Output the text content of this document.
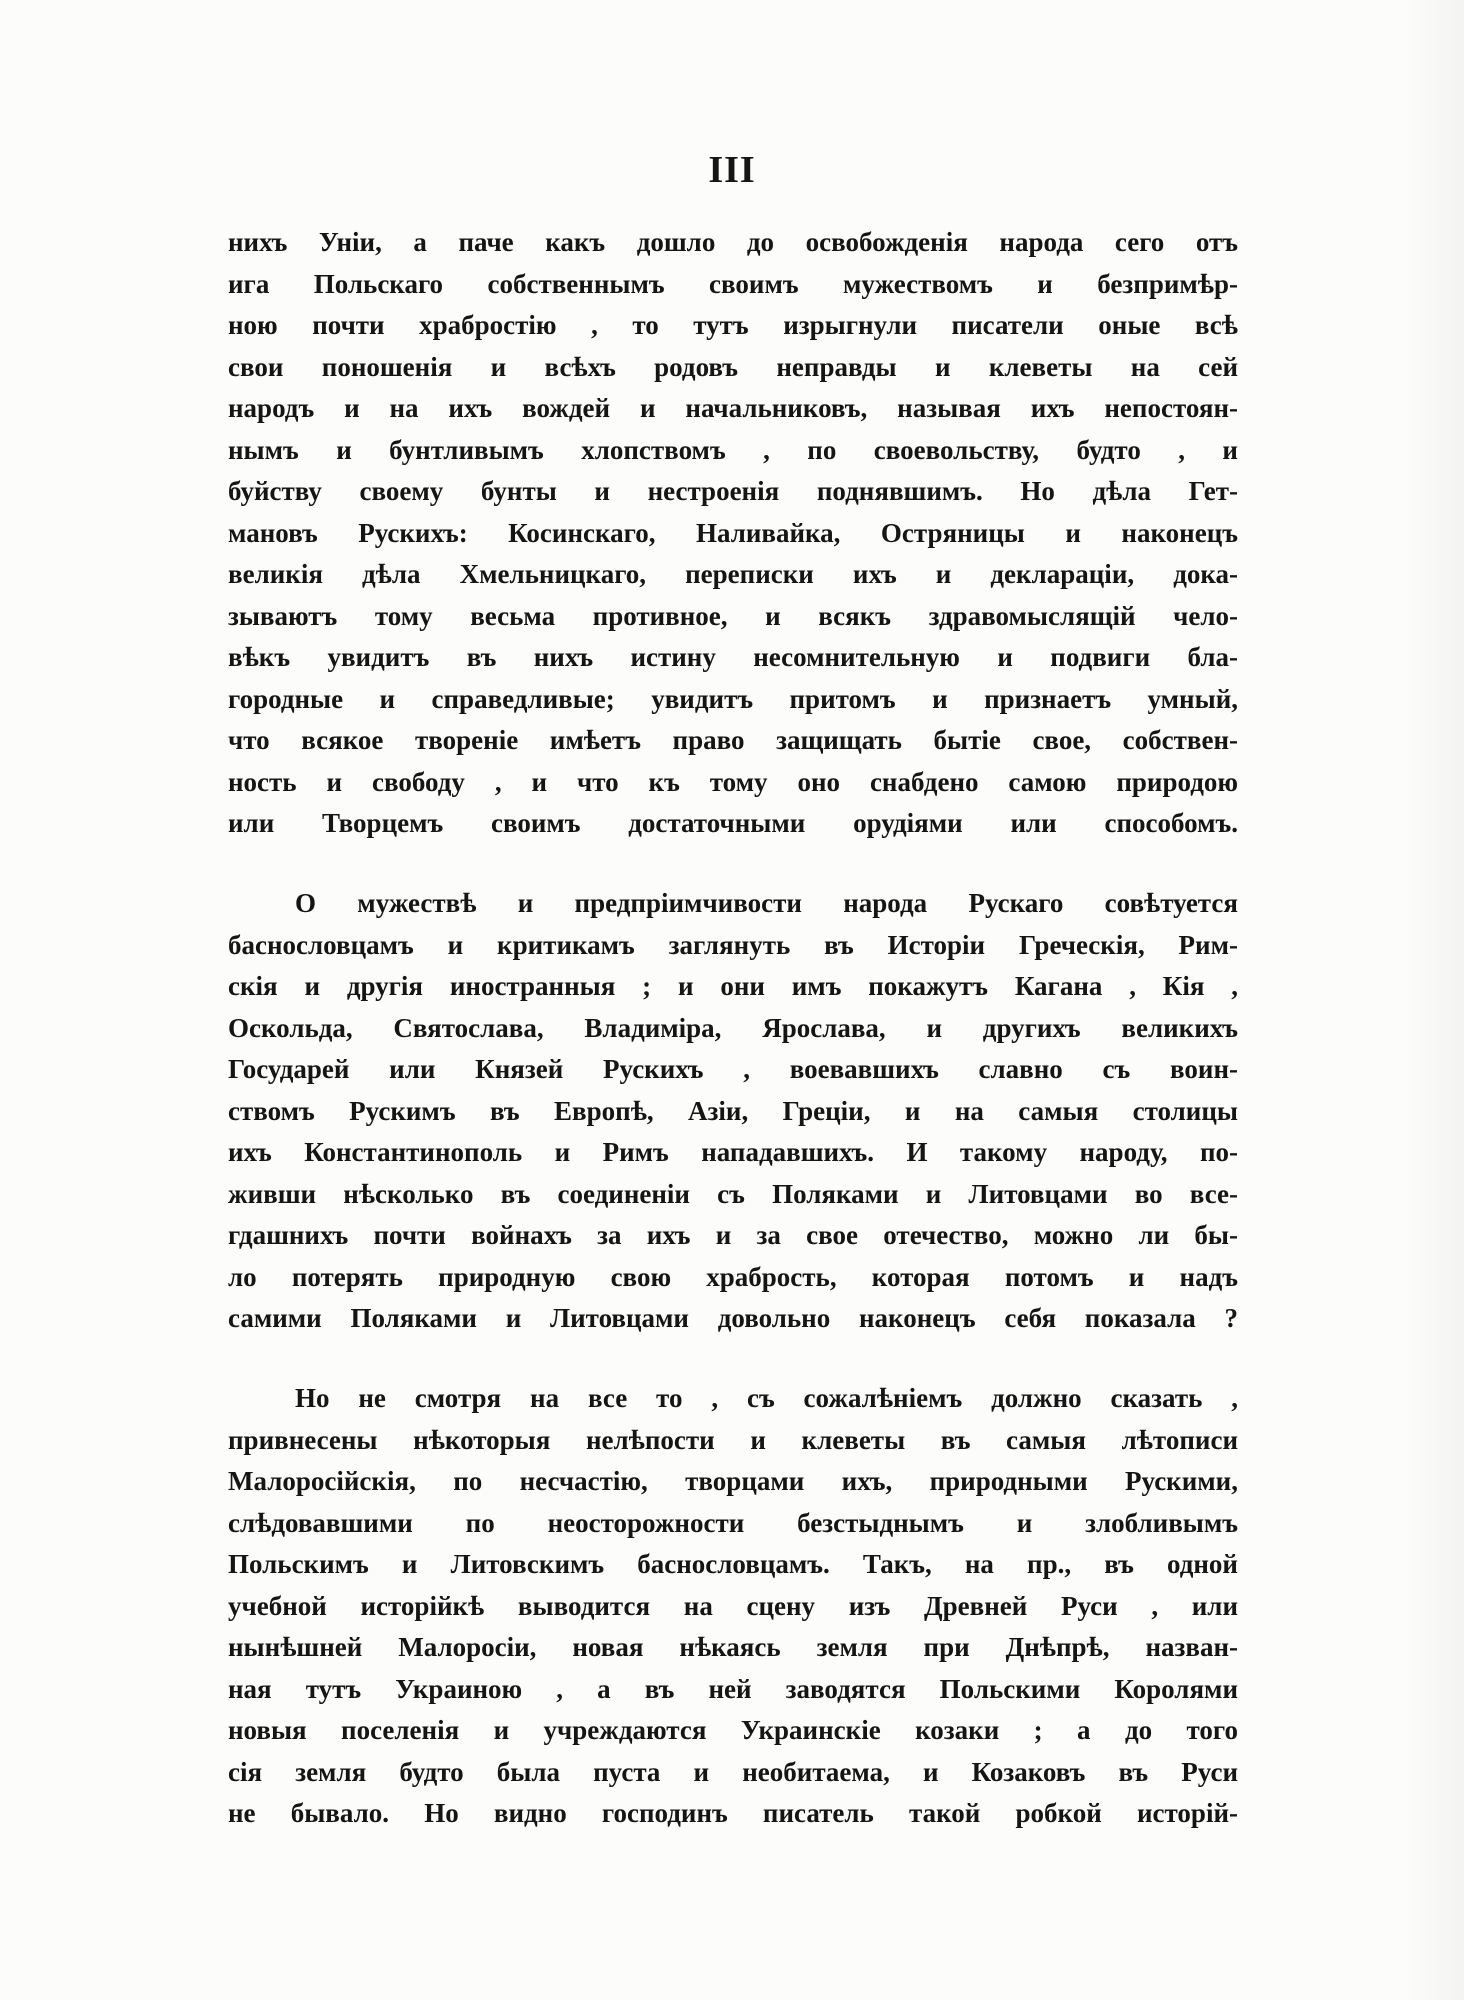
III
нихъ Уніи, а паче какъ дошло до освобожденія народа сего отъ
ига Польскаго собственнымъ своимъ мужествомъ и безпримѣр-
ною почти храбростію , то тутъ изрыгнули писатели оные всѣ
свои поношенія и всѣхъ родовъ неправды и клеветы на сей
народъ и на ихъ вождей и начальниковъ, называя ихъ непостоян-
нымъ и бунтливымъ хлопствомъ , по своевольству, будто , и
буйству своему бунты и нестроенія поднявшимъ. Но дѣла Гет-
мановъ Рускихъ: Косинскаго, Наливайка, Остряницы и наконецъ
великія дѣла Хмельницкаго, переписки ихъ и деклараціи, дока-
зываютъ тому весьма противное, и всякъ здравомыслящій чело-
вѣкъ увидитъ въ нихъ истину несомнительную и подвиги бла-
городные и справедливые; увидитъ притомъ и признаетъ умный,
что всякое твореніе имѣетъ право защищать бытіе свое, собствен-
ность и свободу , и что къ тому оно снабдено самою природою
или Творцемъ своимъ достаточными орудіями или способомъ.
О мужествѣ и предпріимчивости народа Рускаго совѣтуется
баснословцамъ и критикамъ заглянуть въ Исторіи Греческія, Рим-
скія и другія иностранныя ; и они имъ покажутъ Кагана , Кія ,
Оскольда, Святослава, Владиміра, Ярослава, и другихъ великихъ
Государей или Князей Рускихъ , воевавшихъ славно съ воин-
ствомъ Рускимъ въ Европѣ, Азіи, Греціи, и на самыя столицы
ихъ Константинополь и Римъ нападавшихъ. И такому народу, по-
живши нѣсколько въ соединеніи съ Поляками и Литовцами во все-
гдашнихъ почти войнахъ за ихъ и за свое отечество, можно ли бы-
ло потерять природную свою храбрость, которая потомъ и надъ
самими Поляками и Литовцами довольно наконецъ себя показала ?
Но не смотря на все то , съ сожалѣніемъ должно сказать ,
привнесены нѣкоторыя нелѣпости и клеветы въ самыя лѣтописи
Малоросійскія, по несчастію, творцами ихъ, природными Рускими,
слѣдовавшими по неосторожности безстыднымъ и злобливымъ
Польскимъ и Литовскимъ баснословцамъ. Такъ, на пр., въ одной
учебной исторійкѣ выводится на сцену изъ Древней Руси , или
нынѣшней Малоросіи, новая нѣкаясь земля при Днѣпрѣ, назван-
ная тутъ Украиною , а въ ней заводятся Польскими Королями
новыя поселенія и учреждаются Украинскіе козаки ; а до того
сія земля будто была пуста и необитаема, и Козаковъ въ Руси
не бывало. Но видно господинъ писатель такой робкой исторій-
